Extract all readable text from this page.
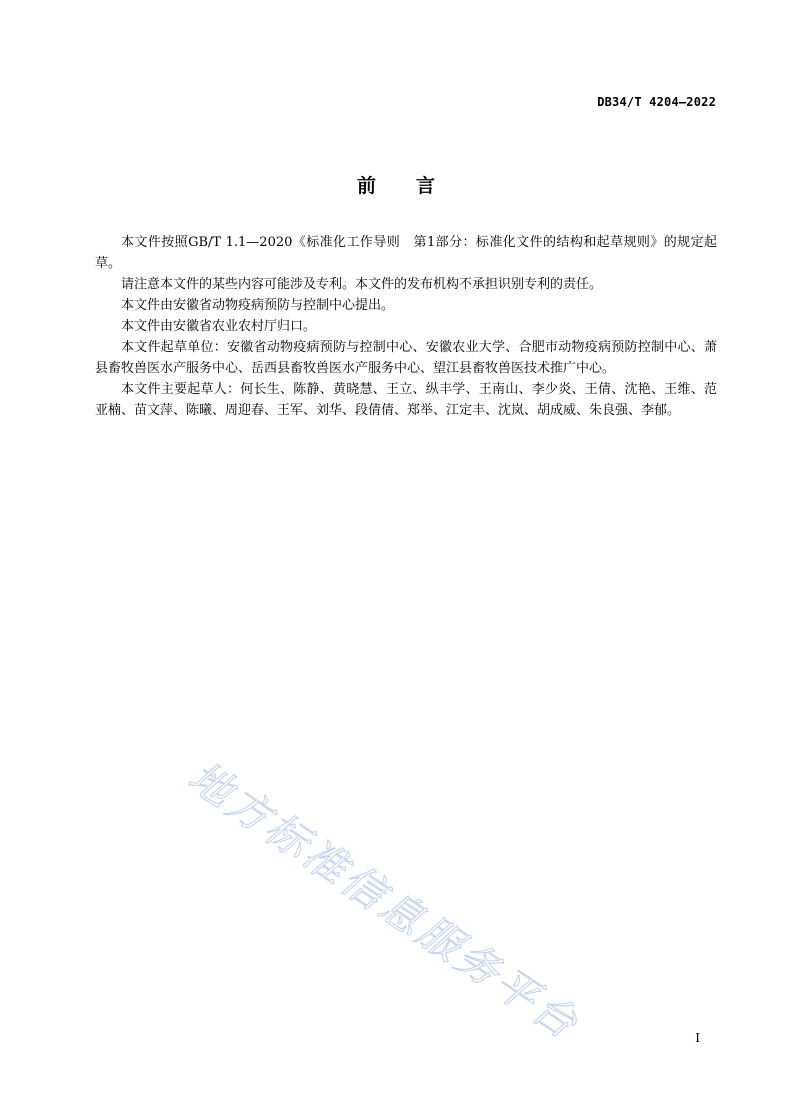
DB34/T 4204—2022
前言

本文件按照GB/T 1.1—2020《标准化工作导则　第1部分：标准化文件的结构和起草规则》的规定起草。

请注意本文件的某些内容可能涉及专利。本文件的发布机构不承担识别专利的责任。

本文件由安徽省动物疫病预防与控制中心提出。

本文件由安徽省农业农村厅归口。

本文件起草单位：安徽省动物疫病预防与控制中心、安徽农业大学、合肥市动物疫病预防控制中心、萧县畜牧兽医水产服务中心、岳西县畜牧兽医水产服务中心、望江县畜牧兽医技术推广中心。

本文件主要起草人：何长生、陈静、黄晓慧、王立、纵丰学、王南山、李少炎、王倩、沈艳、王维、范亚楠、苗文萍、陈曦、周迎春、王军、刘华、段倩倩、郑举、江定丰、沈岚、胡成威、朱良强、李郁。

地方标准信息服务平台	I
